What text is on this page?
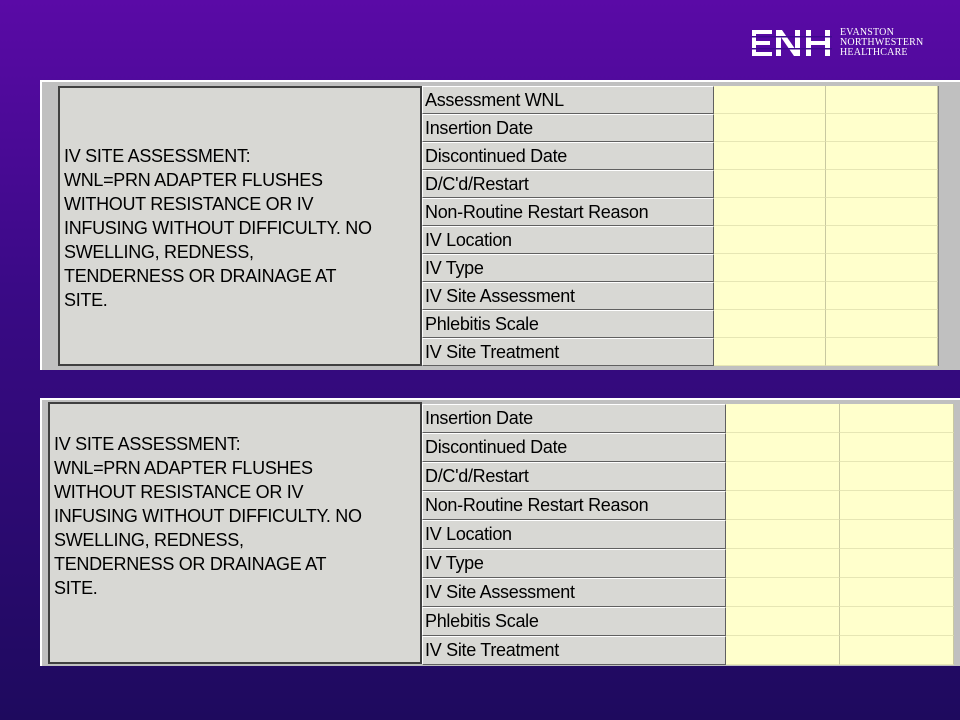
EVANSTON
NORTHWESTERN
HEALTHCARE
IV SITE ASSESSMENT:
WNL=PRN ADAPTER FLUSHES
WITHOUT RESISTANCE OR IV
INFUSING WITHOUT DIFFICULTY. NO
SWELLING, REDNESS,
TENDERNESS OR DRAINAGE AT
SITE.
Assessment WNL
Insertion Date
Discontinued Date
D/C'd/Restart
Non-Routine Restart Reason
IV Location
IV Type
IV Site Assessment
Phlebitis Scale
IV Site Treatment
IV SITE ASSESSMENT:
WNL=PRN ADAPTER FLUSHES
WITHOUT RESISTANCE OR IV
INFUSING WITHOUT DIFFICULTY. NO
SWELLING, REDNESS,
TENDERNESS OR DRAINAGE AT
SITE.
Insertion Date
Discontinued Date
D/C'd/Restart
Non-Routine Restart Reason
IV Location
IV Type
IV Site Assessment
Phlebitis Scale
IV Site Treatment
